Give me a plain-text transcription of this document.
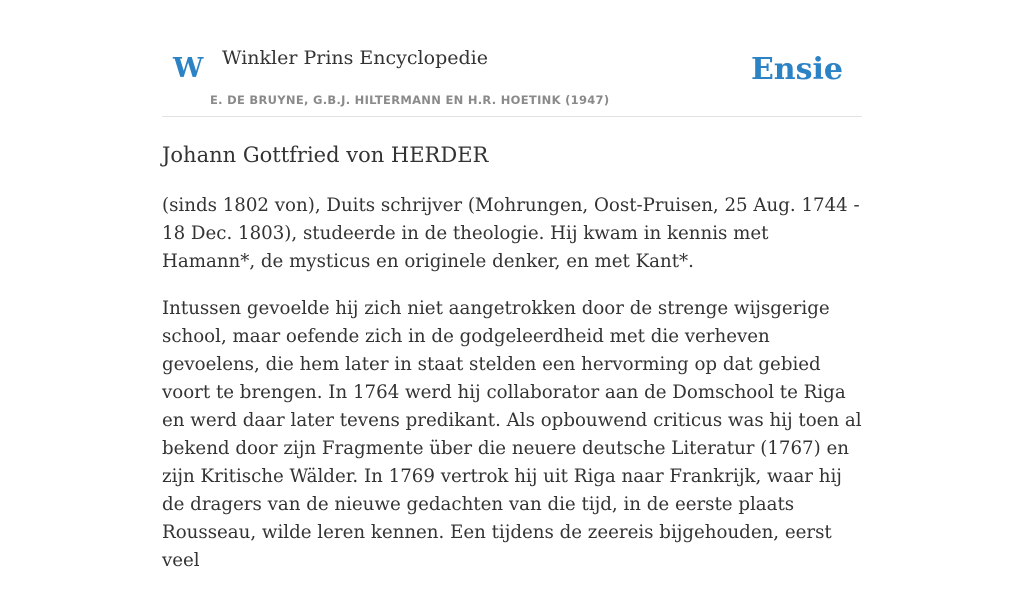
W Winkler Prins Encyclopedie
E. DE BRUYNE, G.B.J. HILTERMANN EN H.R. HOETINK (1947)
Ensie
Johann Gottfried von HERDER

(sinds 1802 von), Duits schrijver (Mohrungen, Oost-Pruisen, 25 Aug. 1744 - 18 Dec. 1803), studeerde in de theologie. Hij kwam in kennis met Hamann*, de mysticus en originele denker, en met Kant*.

Intussen gevoelde hij zich niet aangetrokken door de strenge wijsgerige school, maar oefende zich in de godgeleerdheid met die verheven gevoelens, die hem later in staat stelden een hervorming op dat gebied voort te brengen. In 1764 werd hij collaborator aan de Domschool te Riga en werd daar later tevens predikant. Als opbouwend criticus was hij toen al bekend door zijn Fragmente über die neuere deutsche Literatur (1767) en zijn Kritische Wälder. In 1769 vertrok hij uit Riga naar Frankrijk, waar hij de dragers van de nieuwe gedachten van die tijd, in de eerste plaats Rousseau, wilde leren kennen. Een tijdens de zeereis bijgehouden, eerst veel
